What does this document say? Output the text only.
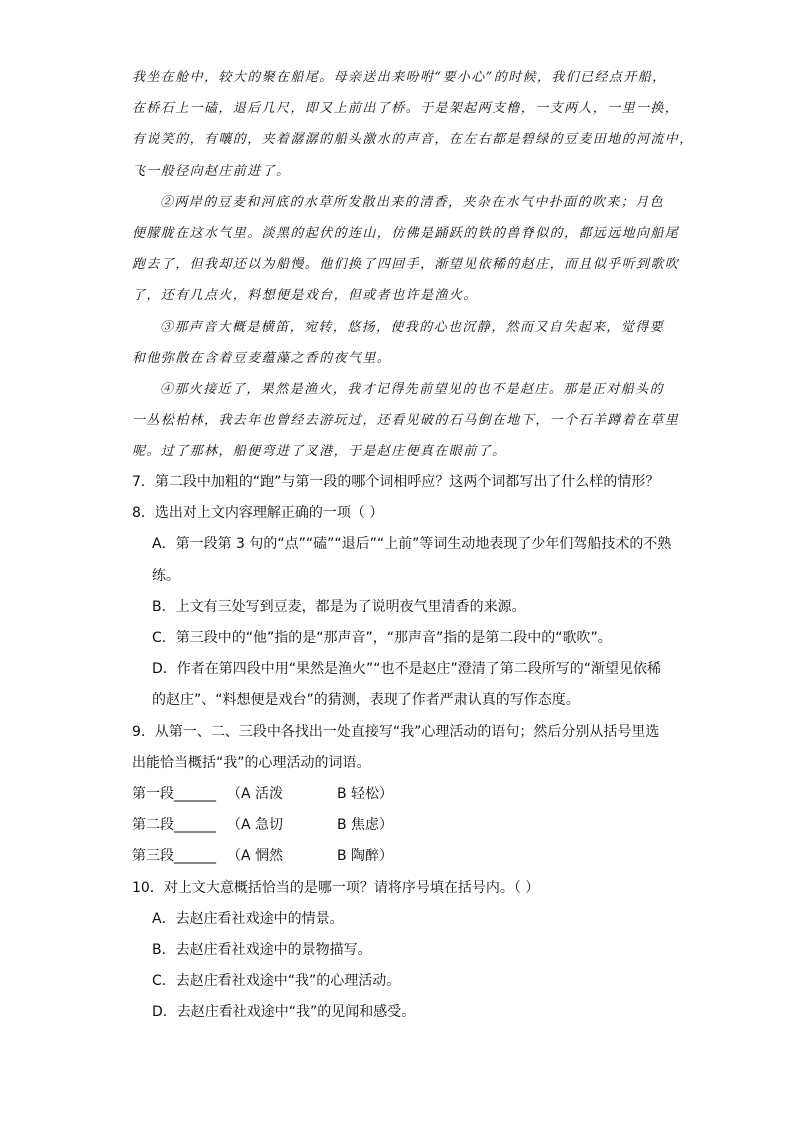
我坐在舱中，较大的聚在船尾。母亲送出来吩咐“要小心”的时候，我们已经点开船，
在桥石上一磕，退后几尺，即又上前出了桥。于是架起两支橹，一支两人，一里一换，
有说笑的，有嚷的，夹着潺潺的船头激水的声音，在左右都是碧绿的豆麦田地的河流中，
飞一般径向赵庄前进了。
②两岸的豆麦和河底的水草所发散出来的清香，夹杂在水气中扑面的吹来；月色
便朦胧在这水气里。淡黑的起伏的连山，仿佛是踊跃的铁的兽脊似的，都远远地向船尾
跑去了，但我却还以为船慢。他们换了四回手，渐望见依稀的赵庄，而且似乎听到歌吹
了，还有几点火，料想便是戏台，但或者也许是渔火。
③那声音大概是横笛，宛转，悠扬，使我的心也沉静，然而又自失起来，觉得要
和他弥散在含着豆麦蕴藻之香的夜气里。
④那火接近了，果然是渔火，我才记得先前望见的也不是赵庄。那是正对船头的
一丛松柏林，我去年也曾经去游玩过，还看见破的石马倒在地下，一个石羊蹲着在草里
呢。过了那林，船便弯进了叉港，于是赵庄便真在眼前了。
7．第二段中加粗的“跑”与第一段的哪个词相呼应？这两个词都写出了什么样的情形？
8．选出对上文内容理解正确的一项（ ）
A．第一段第 3 句的“点”“磕”“退后”“上前”等词生动地表现了少年们驾船技术的不熟
练。
B．上文有三处写到豆麦，都是为了说明夜气里清香的来源。
C．第三段中的“他”指的是“那声音”，“那声音”指的是第二段中的“歌吹”。
D．作者在第四段中用“果然是渔火”“也不是赵庄”澄清了第二段所写的“渐望见依稀
的赵庄”、“料想便是戏台”的猜测，表现了作者严肃认真的写作态度。
9．从第一、二、三段中各找出一处直接写“我”心理活动的语句；然后分别从括号里选
出能恰当概括“我”的心理活动的词语。
第一段______ （A 活泼	B 轻松）
第二段______ （A 急切	B 焦虑）
第三段______ （A 惘然	B 陶醉）
10．对上文大意概括恰当的是哪一项？请将序号填在括号内。（ ）
A．去赵庄看社戏途中的情景。
B．去赵庄看社戏途中的景物描写。
C．去赵庄看社戏途中“我”的心理活动。
D．去赵庄看社戏途中“我”的见闻和感受。
